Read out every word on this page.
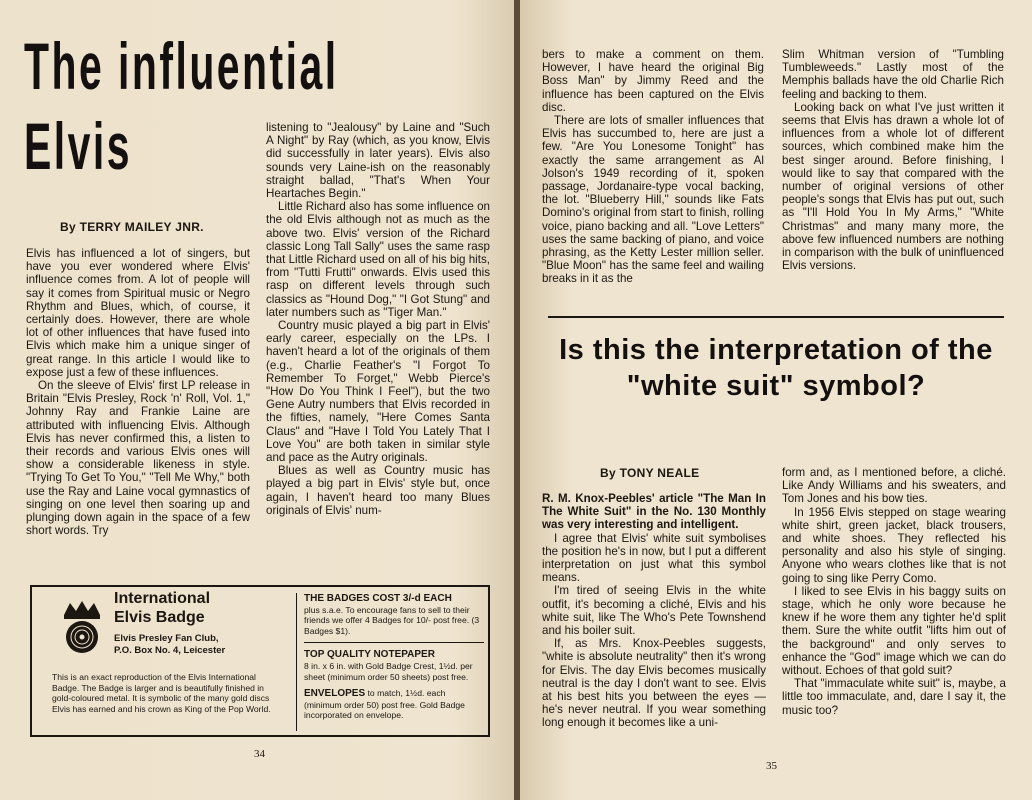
The influential
Elvis
By TERRY MAILEY JNR.

Elvis has influenced a lot of singers, but have you ever wondered where Elvis' influence comes from. A lot of people will say it comes from Spiritual music or Negro Rhythm and Blues, which, of course, it certainly does. However, there are whole lot of other influences that have fused into Elvis which make him a unique singer of great range. In this article I would like to expose just a few of these influences.

On the sleeve of Elvis' first LP release in Britain "Elvis Presley, Rock 'n' Roll, Vol. 1," Johnny Ray and Frankie Laine are attributed with influencing Elvis. Although Elvis has never confirmed this, a listen to their records and various Elvis ones will show a considerable likeness in style. "Trying To Get To You," "Tell Me Why," both use the Ray and Laine vocal gymnastics of singing on one level then soaring up and plunging down again in the space of a few short words. Try

listening to "Jealousy" by Laine and "Such A Night" by Ray (which, as you know, Elvis did successfully in later years). Elvis also sounds very Laine-ish on the reasonably straight ballad, "That's When Your Heartaches Begin."

Little Richard also has some influence on the old Elvis although not as much as the above two. Elvis' version of the Richard classic Long Tall Sally" uses the same rasp that Little Richard used on all of his big hits, from "Tutti Frutti" onwards. Elvis used this rasp on different levels through such classics as "Hound Dog," "I Got Stung" and later numbers such as "Tiger Man."

Country music played a big part in Elvis' early career, especially on the LPs. I haven't heard a lot of the originals of them (e.g., Charlie Feather's "I Forgot To Remember To Forget," Webb Pierce's "How Do You Think I Feel"), but the two Gene Autry numbers that Elvis recorded in the fifties, namely, "Here Comes Santa Claus" and "Have I Told You Lately That I Love You" are both taken in similar style and pace as the Autry originals.

Blues as well as Country music has played a big part in Elvis' style but, once again, I haven't heard too many Blues originals of Elvis' num-

International
Elvis Badge
Elvis Presley Fan Club,
P.O. Box No. 4, Leicester
This is an exact reproduction of the Elvis International Badge. The Badge is larger and is beautifully finished in gold-coloured metal. It is symbolic of the many gold discs Elvis has earned and his crown as King of the Pop World.

THE BADGES COST 3/-d EACH
plus s.a.e. To encourage fans to sell to their friends we offer 4 Badges for 10/- post free. (3 Badges $1).

TOP QUALITY NOTEPAPER
8 in. x 6 in. with Gold Badge Crest, 1½d. per sheet (minimum order 50 sheets) post free.

ENVELOPES to match, 1½d. each (minimum order 50) post free. Gold Badge incorporated on envelope.

34

bers to make a comment on them. However, I have heard the original Big Boss Man" by Jimmy Reed and the influence has been captured on the Elvis disc.

There are lots of smaller influences that Elvis has succumbed to, here are just a few. "Are You Lonesome Tonight" has exactly the same arrangement as Al Jolson's 1949 recording of it, spoken passage, Jordanaire-type vocal backing, the lot. "Blueberry Hill," sounds like Fats Domino's original from start to finish, rolling voice, piano backing and all. "Love Letters" uses the same backing of piano, and voice phrasing, as the Ketty Lester million seller. "Blue Moon" has the same feel and wailing breaks in it as the

Slim Whitman version of "Tumbling Tumbleweeds." Lastly most of the Memphis ballads have the old Charlie Rich feeling and backing to them.

Looking back on what I've just written it seems that Elvis has drawn a whole lot of influences from a whole lot of different sources, which combined make him the best singer around. Before finishing, I would like to say that compared with the number of original versions of other people's songs that Elvis has put out, such as "I'll Hold You In My Arms," "White Christmas" and many many more, the above few influenced numbers are nothing in comparison with the bulk of uninfluenced Elvis versions.

Is this the interpretation of the "white suit" symbol?
By TONY NEALE

R. M. Knox-Peebles' article "The Man In The White Suit" in the No. 130 Monthly was very interesting and intelligent.

I agree that Elvis' white suit symbolises the position he's in now, but I put a different interpretation on just what this symbol means.

I'm tired of seeing Elvis in the white outfit, it's becoming a cliché, Elvis and his white suit, like The Who's Pete Townshend and his boiler suit.

If, as Mrs. Knox-Peebles suggests, "white is absolute neutrality" then it's wrong for Elvis. The day Elvis becomes musically neutral is the day I don't want to see. Elvis at his best hits you between the eyes — he's never neutral. If you wear something long enough it becomes like a uni-

form and, as I mentioned before, a cliché. Like Andy Williams and his sweaters, and Tom Jones and his bow ties.

In 1956 Elvis stepped on stage wearing white shirt, green jacket, black trousers, and white shoes. They reflected his personality and also his style of singing. Anyone who wears clothes like that is not going to sing like Perry Como.

I liked to see Elvis in his baggy suits on stage, which he only wore because he knew if he wore them any tighter he'd split them. Sure the white outfit "lifts him out of the background" and only serves to enhance the "God" image which we can do without. Echoes of that gold suit?

That "immaculate white suit" is, maybe, a little too immaculate, and, dare I say it, the music too?

35
